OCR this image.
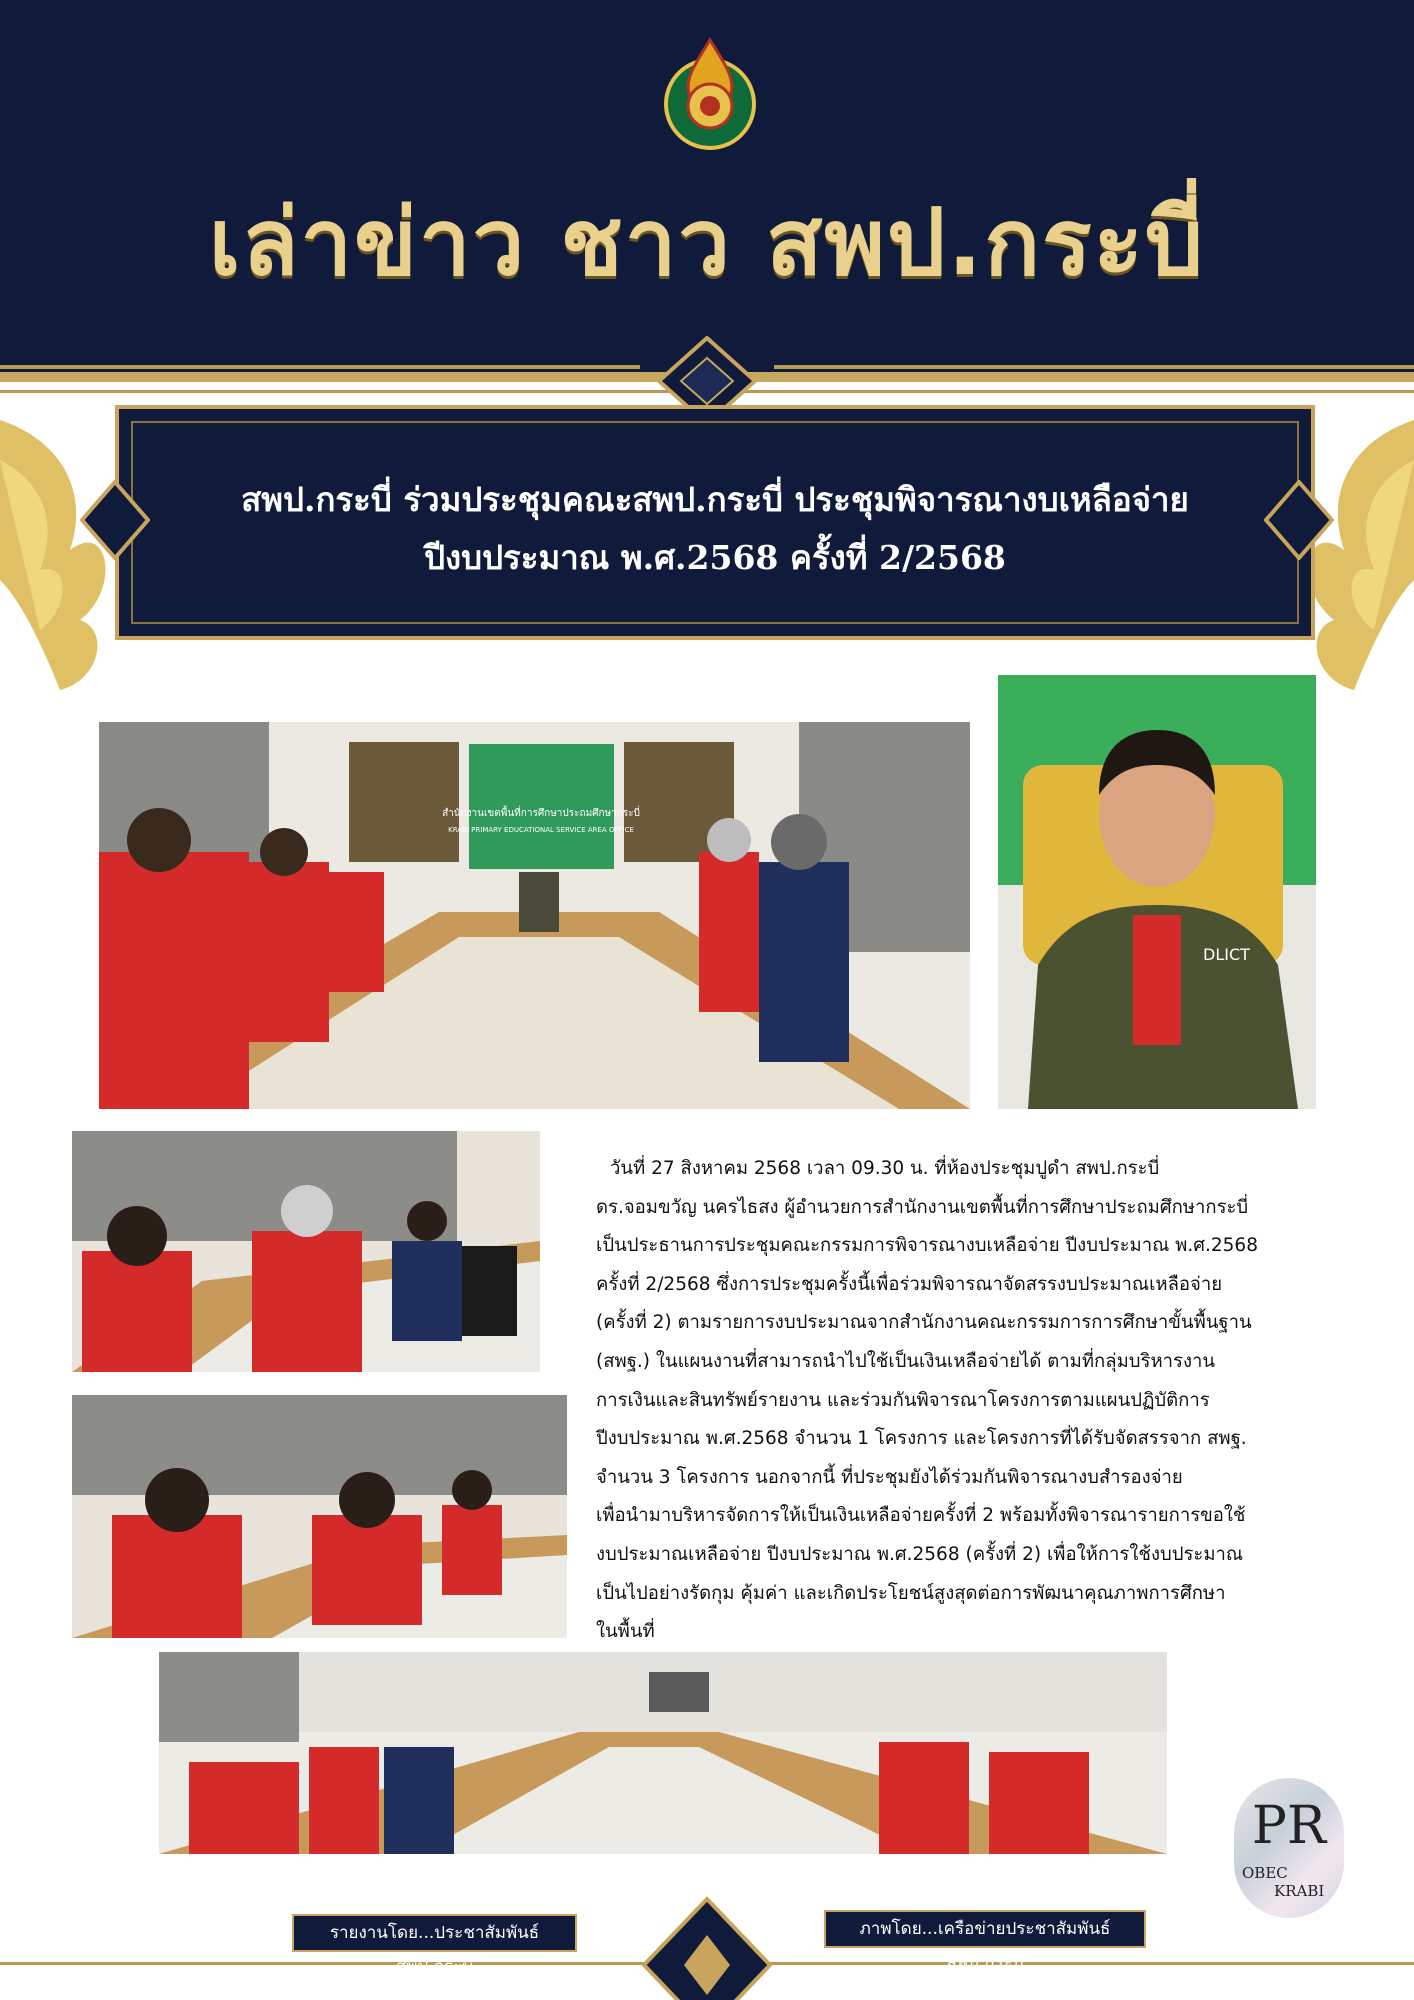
เล่าข่าว ชาว สพป.กระบี่
สพป.กระบี่ ร่วมประชุมคณะสพป.กระบี่ ประชุมพิจารณางบเหลือจ่าย
ปีงบประมาณ พ.ศ.2568 ครั้งที่ 2/2568
สำนักงานเขตพื้นที่การศึกษาประถมศึกษากระบี่
KRABI PRIMARY EDUCATIONAL SERVICE AREA OFFICE
DLICT
วันที่ 27 สิงหาคม 2568 เวลา 09.30 น. ที่ห้องประชุมปูดำ สพป.กระบี่
ดร.จอมขวัญ นครไธสง ผู้อำนวยการสำนักงานเขตพื้นที่การศึกษาประถมศึกษากระบี่
เป็นประธานการประชุมคณะกรรมการพิจารณางบเหลือจ่าย ปีงบประมาณ พ.ศ.2568
ครั้งที่ 2/2568 ซึ่งการประชุมครั้งนี้เพื่อร่วมพิจารณาจัดสรรงบประมาณเหลือจ่าย
(ครั้งที่ 2) ตามรายการงบประมาณจากสำนักงานคณะกรรมการการศึกษาขั้นพื้นฐาน
(สพฐ.) ในแผนงานที่สามารถนำไปใช้เป็นเงินเหลือจ่ายได้ ตามที่กลุ่มบริหารงาน
การเงินและสินทรัพย์รายงาน และร่วมกันพิจารณาโครงการตามแผนปฏิบัติการ
ปีงบประมาณ พ.ศ.2568 จำนวน 1 โครงการ และโครงการที่ได้รับจัดสรรจาก สพฐ.
จำนวน 3 โครงการ นอกจากนี้ ที่ประชุมยังได้ร่วมกันพิจารณางบสำรองจ่าย
เพื่อนำมาบริหารจัดการให้เป็นเงินเหลือจ่ายครั้งที่ 2 พร้อมทั้งพิจารณารายการขอใช้
งบประมาณเหลือจ่าย ปีงบประมาณ พ.ศ.2568 (ครั้งที่ 2) เพื่อให้การใช้งบประมาณ
เป็นไปอย่างรัดกุม คุ้มค่า และเกิดประโยชน์สูงสุดต่อการพัฒนาคุณภาพการศึกษา
ในพื้นที่
รายงานโดย...ประชาสัมพันธ์ สพป.กระบี่
ภาพโดย...เครือข่ายประชาสัมพันธ์ สพป.กระบี่
PR
OBEC
KRABI
